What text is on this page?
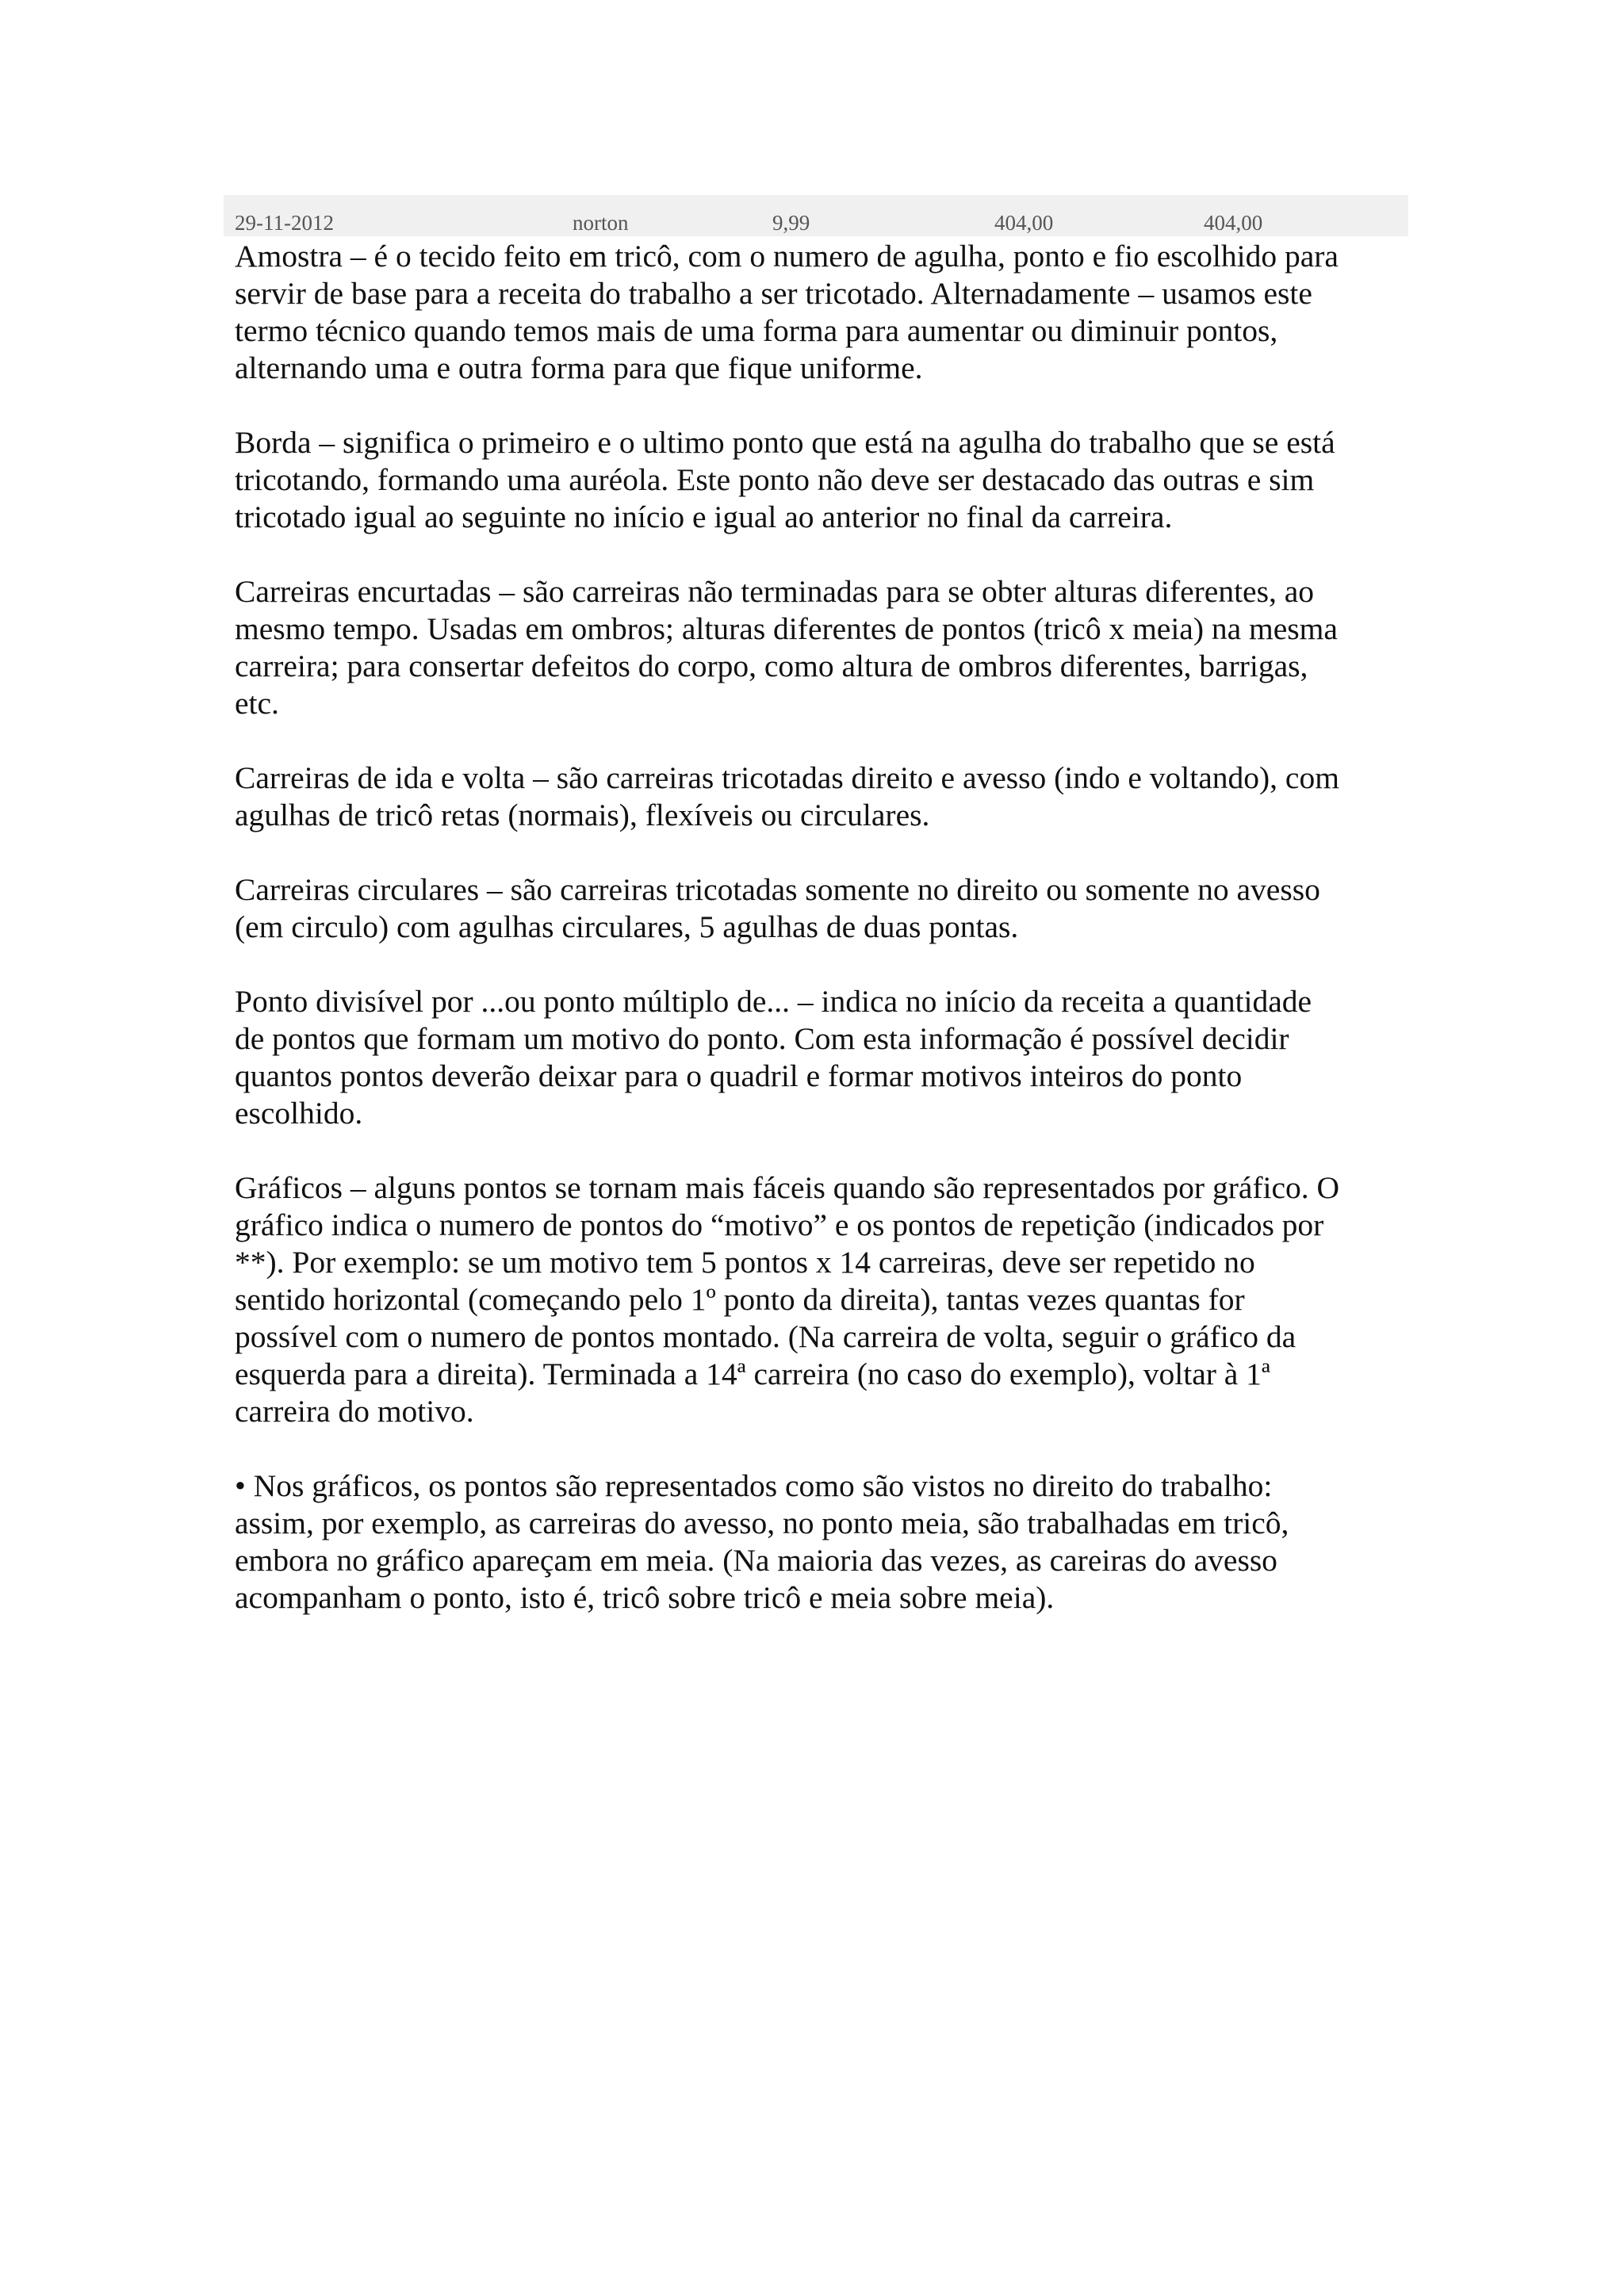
29-11-2012	norton	9,99	404,00	404,00

Amostra – é o tecido feito em tricô, com o numero de agulha, ponto e fio escolhido para
servir de base para a receita do trabalho a ser tricotado. Alternadamente – usamos este
termo técnico quando temos mais de uma forma para aumentar ou diminuir pontos,
alternando uma e outra forma para que fique uniforme.

Borda – significa o primeiro e o ultimo ponto que está na agulha do trabalho que se está
tricotando, formando uma auréola. Este ponto não deve ser destacado das outras e sim
tricotado igual ao seguinte no início e igual ao anterior no final da carreira.

Carreiras encurtadas – são carreiras não terminadas para se obter alturas diferentes, ao
mesmo tempo. Usadas em ombros; alturas diferentes de pontos (tricô x meia) na mesma
carreira; para consertar defeitos do corpo, como altura de ombros diferentes, barrigas,
etc.

Carreiras de ida e volta – são carreiras tricotadas direito e avesso (indo e voltando), com
agulhas de tricô retas (normais), flexíveis ou circulares.

Carreiras circulares – são carreiras tricotadas somente no direito ou somente no avesso
(em circulo) com agulhas circulares, 5 agulhas de duas pontas.

Ponto divisível por ...ou ponto múltiplo de... – indica no início da receita a quantidade
de pontos que formam um motivo do ponto. Com esta informação é possível decidir
quantos pontos deverão deixar para o quadril e formar motivos inteiros do ponto
escolhido.

Gráficos – alguns pontos se tornam mais fáceis quando são representados por gráfico. O
gráfico indica o numero de pontos do “motivo” e os pontos de repetição (indicados por
**). Por exemplo: se um motivo tem 5 pontos x 14 carreiras, deve ser repetido no
sentido horizontal (começando pelo 1º ponto da direita), tantas vezes quantas for
possível com o numero de pontos montado. (Na carreira de volta, seguir o gráfico da
esquerda para a direita). Terminada a 14ª carreira (no caso do exemplo), voltar à 1ª
carreira do motivo.

• Nos gráficos, os pontos são representados como são vistos no direito do trabalho:
assim, por exemplo, as carreiras do avesso, no ponto meia, são trabalhadas em tricô,
embora no gráfico apareçam em meia. (Na maioria das vezes, as careiras do avesso
acompanham o ponto, isto é, tricô sobre tricô e meia sobre meia).
